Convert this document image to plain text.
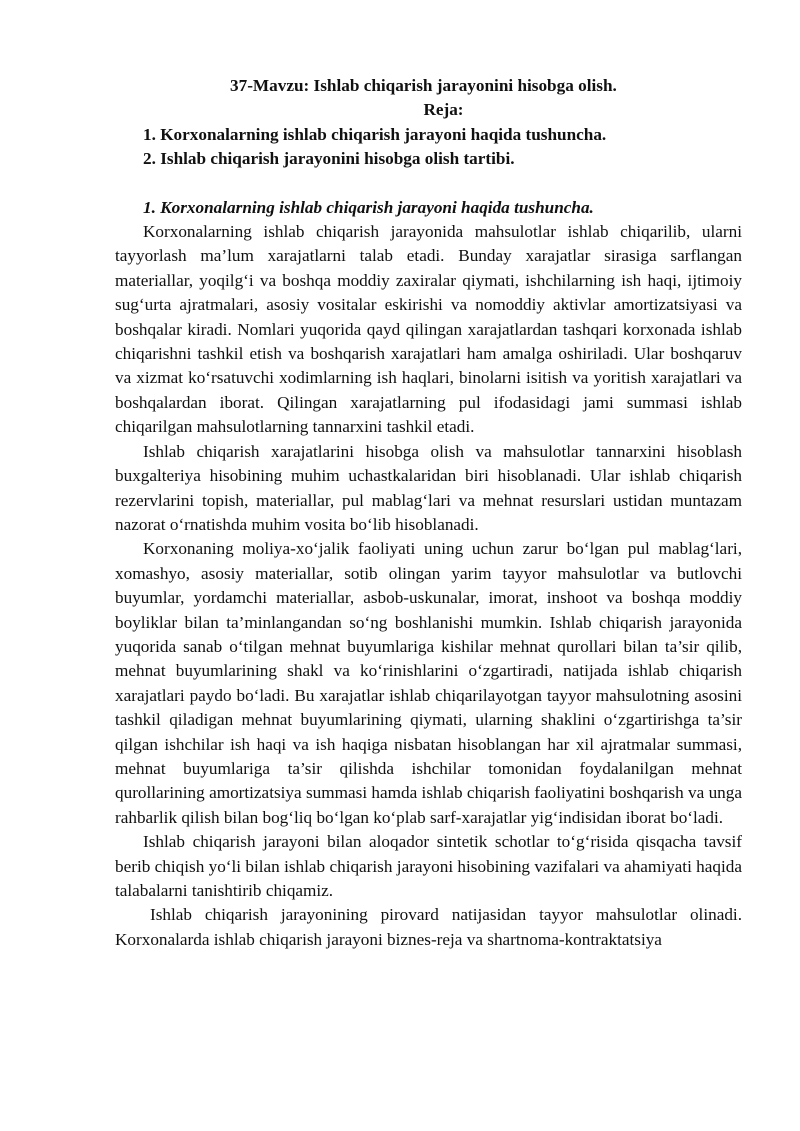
37-Mavzu: Ishlab chiqarish jarayonini hisobga olish.

Reja:

1. Korxonalarning ishlab chiqarish jarayoni haqida tushuncha.

2. Ishlab chiqarish jarayonini hisobga olish tartibi.

1. Korxonalarning ishlab chiqarish jarayoni haqida tushuncha.

Korxonalarning ishlab chiqarish jarayonida mahsulotlar ishlab chiqarilib, ularni tayyorlash ma’lum xarajatlarni talab etadi. Bunday xarajatlar sirasiga sarflangan materiallar, yoqilg‘i va boshqa moddiy zaxiralar qiymati, ishchilarning ish haqi, ijtimoiy sug‘urta ajratmalari, asosiy vositalar eskirishi va nomoddiy aktivlar amortizatsiyasi va boshqalar kiradi. Nomlari yuqorida qayd qilingan xarajatlardan tashqari korxonada ishlab chiqarishni tashkil etish va boshqarish xarajatlari ham amalga oshiriladi. Ular boshqaruv va xizmat ko‘rsatuvchi xodimlarning ish haqlari, binolarni isitish va yoritish xarajatlari va boshqalardan iborat. Qilingan xarajatlarning pul ifodasidagi jami summasi ishlab chiqarilgan mahsulotlarning tannarxini tashkil etadi.

Ishlab chiqarish xarajatlarini hisobga olish va mahsulotlar tannarxini hisoblash buxgalteriya hisobining muhim uchastkalaridan biri hisoblanadi. Ular ishlab chiqarish rezervlarini topish, materiallar, pul mablag‘lari va mehnat resurslari ustidan muntazam nazorat o‘rnatishda muhim vosita bo‘lib hisoblanadi.

Korxonaning moliya-xo‘jalik faoliyati uning uchun zarur bo‘lgan pul mablag‘lari, xomashyo, asosiy materiallar, sotib olingan yarim tayyor mahsulotlar va butlovchi buyumlar, yordamchi materiallar, asbob-uskunalar, imorat, inshoot va boshqa moddiy boyliklar bilan ta’minlangandan so‘ng boshlanishi mumkin. Ishlab chiqarish jarayonida yuqorida sanab o‘tilgan mehnat buyumlariga kishilar mehnat qurollari bilan ta’sir qilib, mehnat buyumlarining shakl va ko‘rinishlarini o‘zgartiradi, natijada ishlab chiqarish xarajatlari paydo bo‘ladi. Bu xarajatlar ishlab chiqarilayotgan tayyor mahsulotning asosini tashkil qiladigan mehnat buyumlarining qiymati, ularning shaklini o‘zgartirishga ta’sir qilgan ishchilar ish haqi va ish haqiga nisbatan hisoblangan har xil ajratmalar summasi, mehnat buyumlariga ta’sir qilishda ishchilar tomonidan foydalanilgan mehnat qurollarining amortizatsiya summasi hamda ishlab chiqarish faoliyatini boshqarish va unga rahbarlik qilish bilan bog‘liq bo‘lgan ko‘plab sarf-xarajatlar yig‘indisidan iborat bo‘ladi.

Ishlab chiqarish jarayoni bilan aloqador sintetik schotlar to‘g‘risida qisqacha tavsif berib chiqish yo‘li bilan ishlab chiqarish jarayoni hisobining vazifalari va ahamiyati haqida talabalarni tanishtirib chiqamiz.

Ishlab chiqarish jarayonining pirovard natijasidan tayyor mahsulotlar olinadi. Korxonalarda ishlab chiqarish jarayoni biznes-reja va shartnoma-kontraktatsiya
